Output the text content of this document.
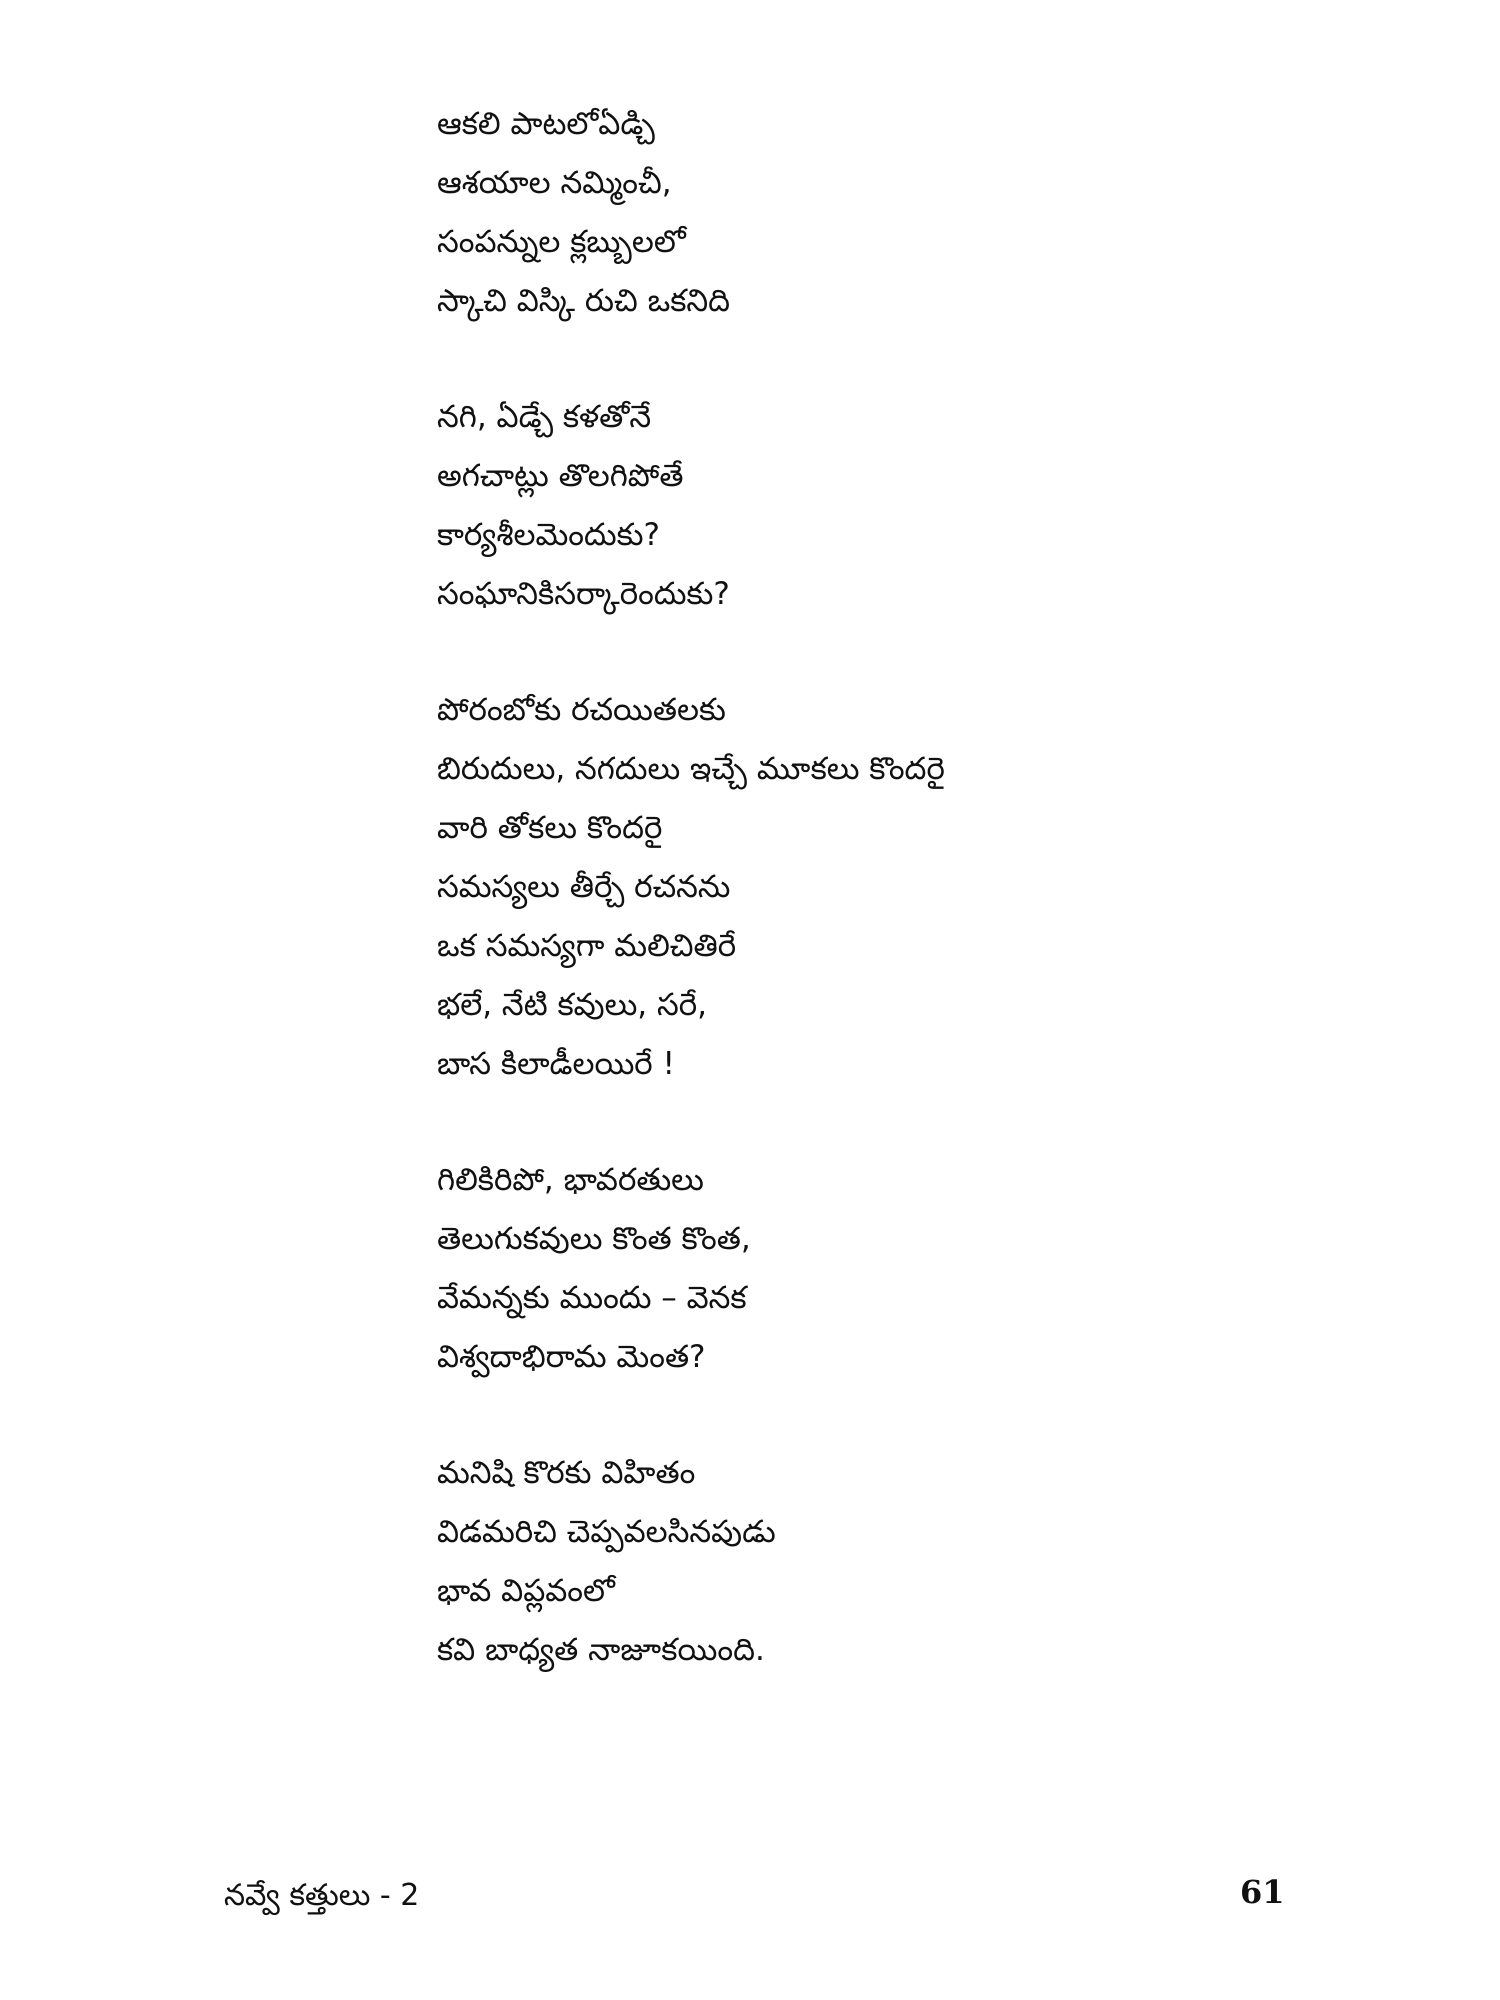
ఆకలి పాటలోఏడ్చి
ఆశయాల నమ్మించీ,
సంపన్నుల క్లబ్బులలో
స్కాచి విస్కి రుచి ఒకనిది
నగి, ఏడ్చే కళతోనే
అగచాట్లు తొలగిపోతే
కార్యశీలమెందుకు?
సంఘానికిసర్కారెందుకు?
పోరంబోకు రచయితలకు
బిరుదులు, నగదులు ఇచ్చే మూకలు కొందరై
వారి తోకలు కొందరై
సమస్యలు తీర్చే రచనను
ఒక సమస్యగా మలిచితిరే
భలే, నేటి కవులు, సరే,
బాస కిలాడీలయిరే !
గిలికిరిపో, భావరతులు
తెలుగుకవులు కొంత కొంత,
వేమన్నకు ముందు – వెనక
విశ్వదాభిరామ మెంత?
మనిషి కొరకు విహితం
విడమరిచి చెప్పవలసినపుడు
భావ విప్లవంలో
కవి బాధ్యత నాజూకయింది.
నవ్వే కత్తులు - 2	61
